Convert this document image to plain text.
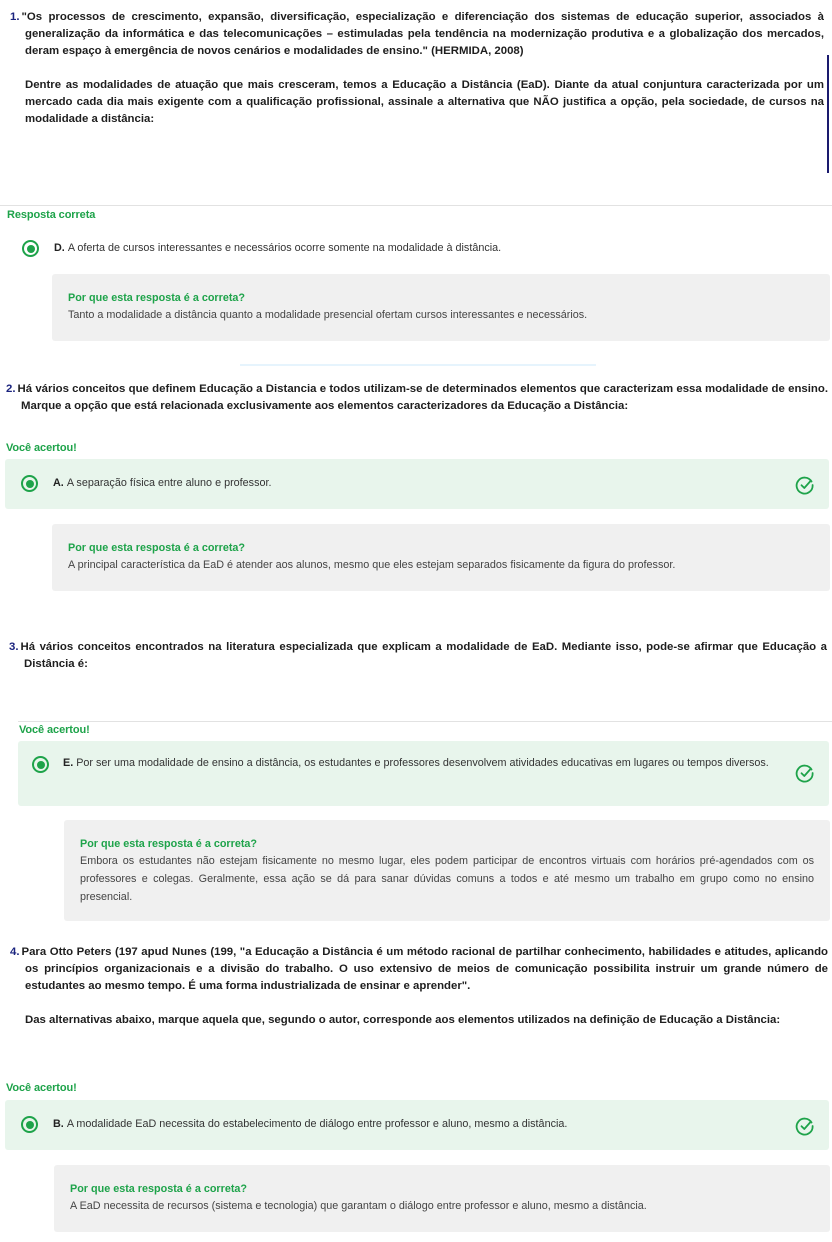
1. "Os processos de crescimento, expansão, diversificação, especialização e diferenciação dos sistemas de educação superior, associados à generalização da informática e das telecomunicações – estimuladas pela tendência na modernização produtiva e a globalização dos mercados, deram espaço à emergência de novos cenários e modalidades de ensino." (HERMIDA, 2008)
Dentre as modalidades de atuação que mais cresceram, temos a Educação a Distância (EaD). Diante da atual conjuntura caracterizada por um mercado cada dia mais exigente com a qualificação profissional, assinale a alternativa que NÃO justifica a opção, pela sociedade, de cursos na modalidade a distância:
Resposta correta
D. A oferta de cursos interessantes e necessários ocorre somente na modalidade à distância.
Por que esta resposta é a correta?
Tanto a modalidade a distância quanto a modalidade presencial ofertam cursos interessantes e necessários.
2. Há vários conceitos que definem Educação a Distancia e todos utilizam-se de determinados elementos que caracterizam essa modalidade de ensino. Marque a opção que está relacionada exclusivamente aos elementos caracterizadores da Educação a Distância:
Você acertou!
A. A separação física entre aluno e professor.
Por que esta resposta é a correta?
A principal característica da EaD é atender aos alunos, mesmo que eles estejam separados fisicamente da figura do professor.
3. Há vários conceitos encontrados na literatura especializada que explicam a modalidade de EaD. Mediante isso, pode-se afirmar que Educação a Distância é:
Você acertou!
E. Por ser uma modalidade de ensino a distância, os estudantes e professores desenvolvem atividades educativas em lugares ou tempos diversos.
Por que esta resposta é a correta?
Embora os estudantes não estejam fisicamente no mesmo lugar, eles podem participar de encontros virtuais com horários pré-agendados com os professores e colegas. Geralmente, essa ação se dá para sanar dúvidas comuns a todos e até mesmo um trabalho em grupo como no ensino presencial.
4. Para Otto Peters (197 apud Nunes (199, "a Educação a Distância é um método racional de partilhar conhecimento, habilidades e atitudes, aplicando os princípios organizacionais e a divisão do trabalho. O uso extensivo de meios de comunicação possibilita instruir um grande número de estudantes ao mesmo tempo. É uma forma industrializada de ensinar e aprender".
Das alternativas abaixo, marque aquela que, segundo o autor, corresponde aos elementos utilizados na definição de Educação a Distância:
Você acertou!
B. A modalidade EaD necessita do estabelecimento de diálogo entre professor e aluno, mesmo a distância.
Por que esta resposta é a correta?
A EaD necessita de recursos (sistema e tecnologia) que garantam o diálogo entre professor e aluno, mesmo a distância.
